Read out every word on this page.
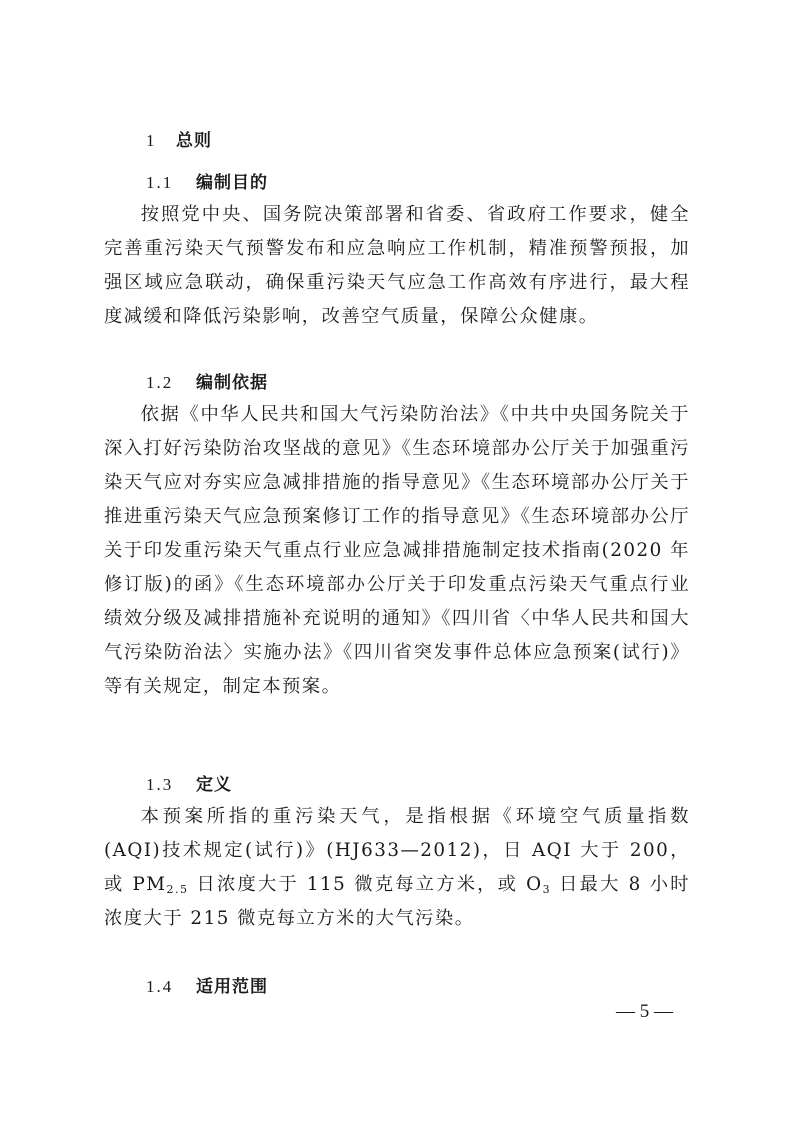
1 总则
1.1 编制目的

按照党中央、国务院决策部署和省委、省政府工作要求，健全完善重污染天气预警发布和应急响应工作机制，精准预警预报，加强区域应急联动，确保重污染天气应急工作高效有序进行，最大程度减缓和降低污染影响，改善空气质量，保障公众健康。

1.2 编制依据

依据《中华人民共和国大气污染防治法》《中共中央国务院关于深入打好污染防治攻坚战的意见》《生态环境部办公厅关于加强重污染天气应对夯实应急减排措施的指导意见》《生态环境部办公厅关于推进重污染天气应急预案修订工作的指导意见》《生态环境部办公厅关于印发重污染天气重点行业应急减排措施制定技术指南(2020 年修订版)的函》《生态环境部办公厅关于印发重点污染天气重点行业绩效分级及减排措施补充说明的通知》《四川省〈中华人民共和国大气污染防治法〉实施办法》《四川省突发事件总体应急预案(试行)》等有关规定，制定本预案。

1.3 定义

本预案所指的重污染天气，是指根据《环境空气质量指数(AQI)技术规定(试行)》(HJ633—2012)，日 AQI 大于 200，或 $PM_{2.5}$ 日浓度大于 115 微克每立方米，或 $O_3$ 日最大 8 小时浓度大于 215 微克每立方米的大气污染。

1.4 适用范围
— 5 —
